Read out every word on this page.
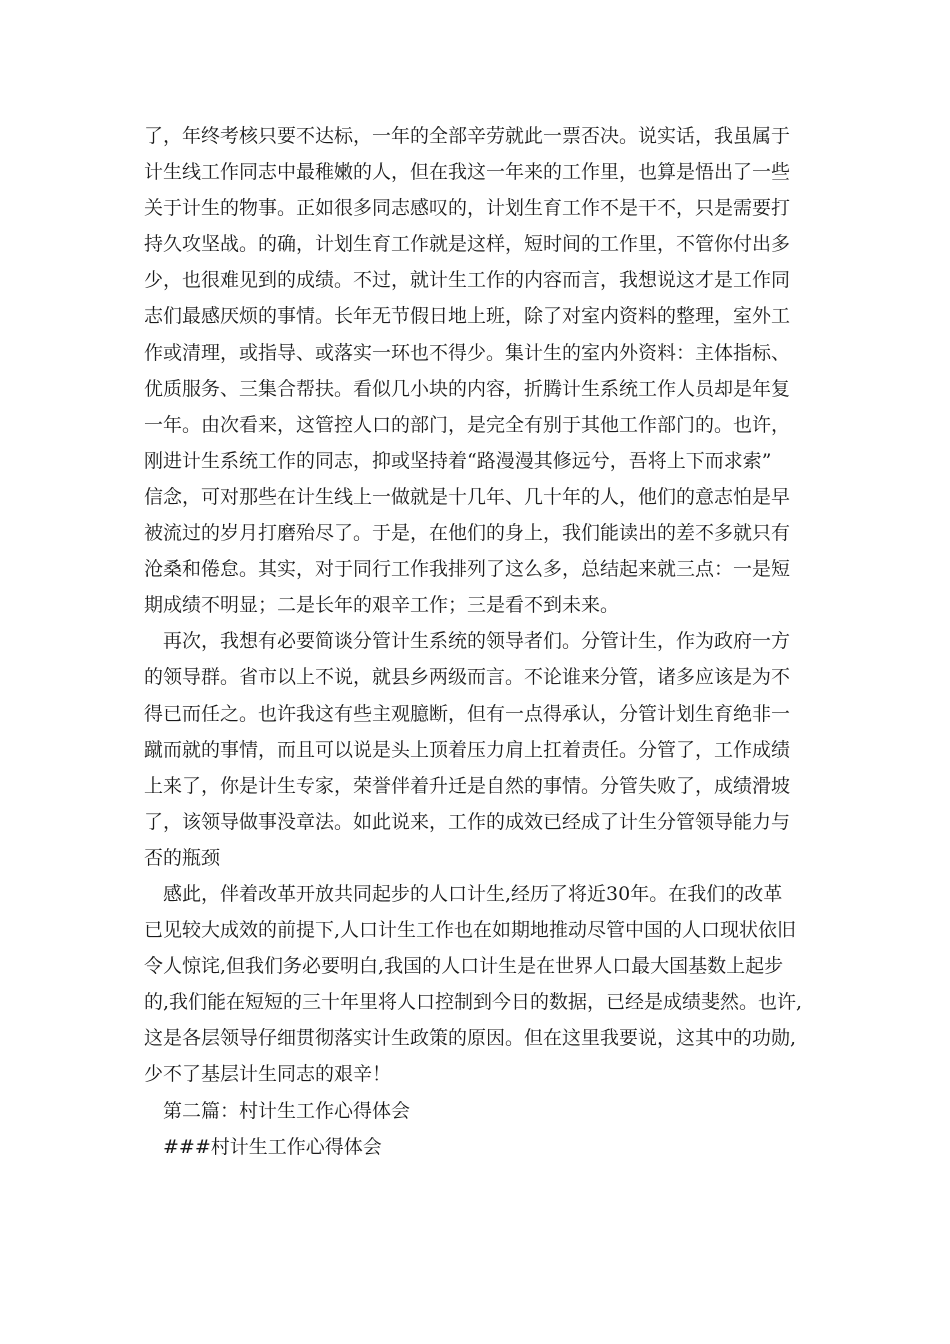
了，年终考核只要不达标，一年的全部辛劳就此一票否决。说实话，我虽属于
计生线工作同志中最稚嫩的人，但在我这一年来的工作里，也算是悟出了一些
关于计生的物事。正如很多同志感叹的，计划生育工作不是干不，只是需要打
持久攻坚战。的确，计划生育工作就是这样，短时间的工作里，不管你付出多
少，也很难见到的成绩。不过，就计生工作的内容而言，我想说这才是工作同
志们最感厌烦的事情。长年无节假日地上班，除了对室内资料的整理，室外工
作或清理，或指导、或落实一环也不得少。集计生的室内外资料：主体指标、
优质服务、三集合帮扶。看似几小块的内容，折腾计生系统工作人员却是年复
一年。由次看来，这管控人口的部门，是完全有别于其他工作部门的。也许，
刚进计生系统工作的同志，抑或坚持着“路漫漫其修远兮，吾将上下而求索”
信念，可对那些在计生线上一做就是十几年、几十年的人，他们的意志怕是早
被流过的岁月打磨殆尽了。于是，在他们的身上，我们能读出的差不多就只有
沧桑和倦怠。其实，对于同行工作我排列了这么多，总结起来就三点：一是短
期成绩不明显；二是长年的艰辛工作；三是看不到未来。
再次，我想有必要简谈分管计生系统的领导者们。分管计生，作为政府一方
的领导群。省市以上不说，就县乡两级而言。不论谁来分管，诸多应该是为不
得已而任之。也许我这有些主观臆断，但有一点得承认，分管计划生育绝非一
蹴而就的事情，而且可以说是头上顶着压力肩上扛着责任。分管了，工作成绩
上来了，你是计生专家，荣誉伴着升迁是自然的事情。分管失败了，成绩滑坡
了，该领导做事没章法。如此说来，工作的成效已经成了计生分管领导能力与
否的瓶颈
感此，伴着改革开放共同起步的人口计生,经历了将近30年。在我们的改革
已见较大成效的前提下,人口计生工作也在如期地推动尽管中国的人口现状依旧
令人惊诧,但我们务必要明白,我国的人口计生是在世界人口最大国基数上起步
的,我们能在短短的三十年里将人口控制到今日的数据，已经是成绩斐然。也许,
这是各层领导仔细贯彻落实计生政策的原因。但在这里我要说，这其中的功勋,
少不了基层计生同志的艰辛！
第二篇：村计生工作心得体会
###村计生工作心得体会
